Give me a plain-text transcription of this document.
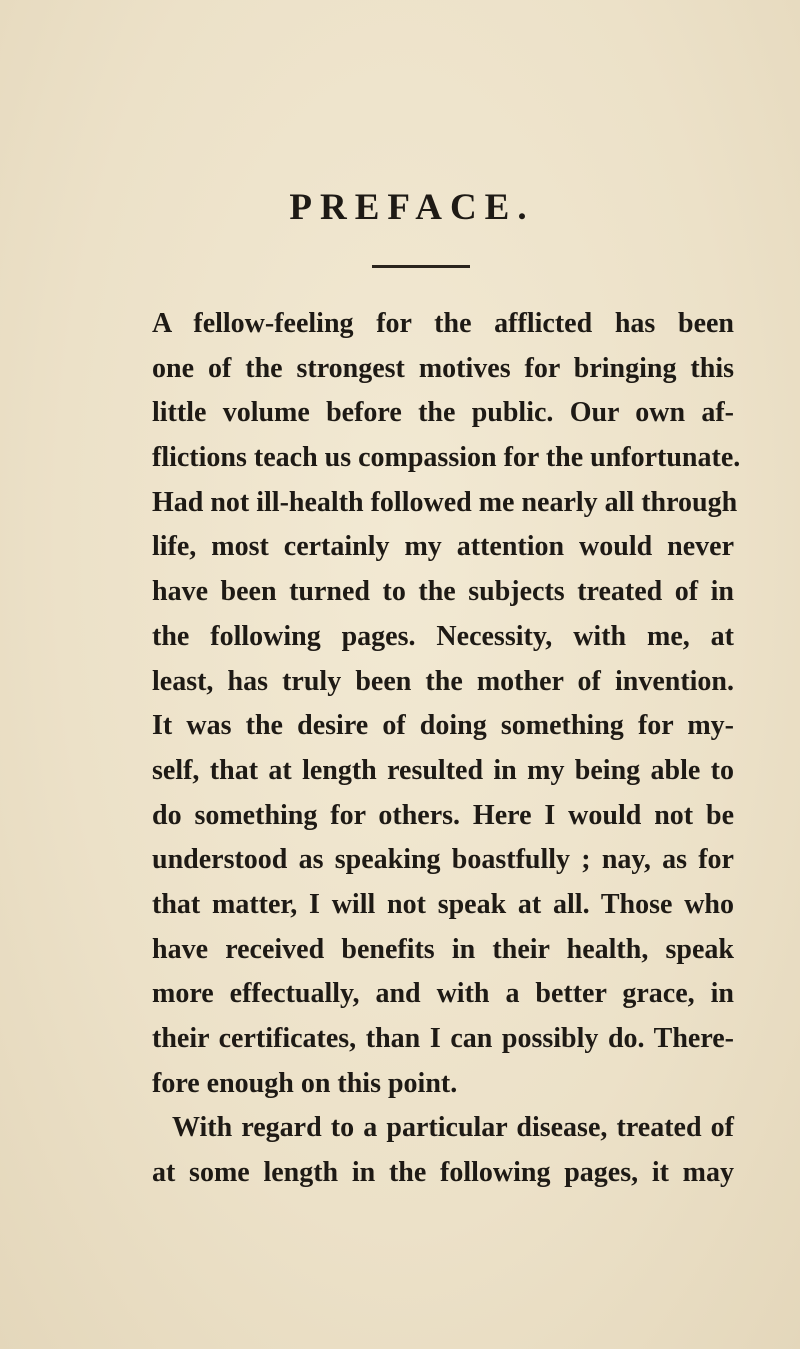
PREFACE.
A fellow-feeling for the afflicted has been
one of the strongest motives for bringing this
little volume before the public. Our own af-
flictions teach us compassion for the unfortunate.
Had not ill-health followed me nearly all through
life, most certainly my attention would never
have been turned to the subjects treated of in
the following pages. Necessity, with me, at
least, has truly been the mother of invention.
It was the desire of doing something for my-
self, that at length resulted in my being able to
do something for others. Here I would not be
understood as speaking boastfully ; nay, as for
that matter, I will not speak at all. Those who
have received benefits in their health, speak
more effectually, and with a better grace, in
their certificates, than I can possibly do. There-
fore enough on this point.
With regard to a particular disease, treated of
at some length in the following pages, it may
